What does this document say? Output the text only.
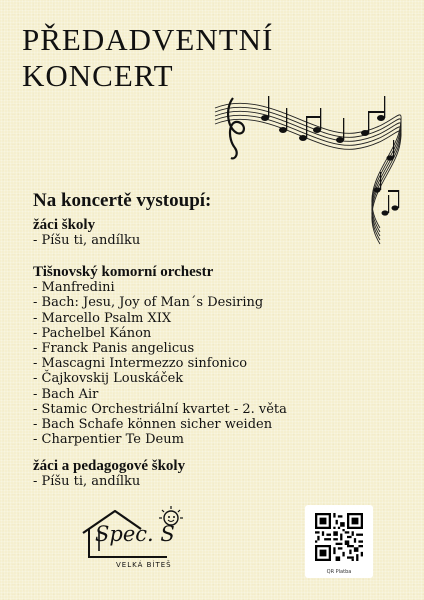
PŘEDADVENTNÍ
KONCERT
Na koncertě vystoupí:
žáci školy
- Píšu ti, andílku
Tišnovský komorní orchestr
- Manfredini
- Bach: Jesu, Joy of Man´s Desiring
- Marcello Psalm XIX
- Pachelbel Kánon
- Franck Panis angelicus
- Mascagni Intermezzo sinfonico
- Čajkovskij Louskáček
- Bach Air
- Stamic Orchestriální kvartet - 2. věta
- Bach Schafe können sicher weiden
- Charpentier Te Deum
žáci a pedagogové školy
- Píšu ti, andílku
Spec. S
VELKÁ BÍTEŠ
QR Platba
